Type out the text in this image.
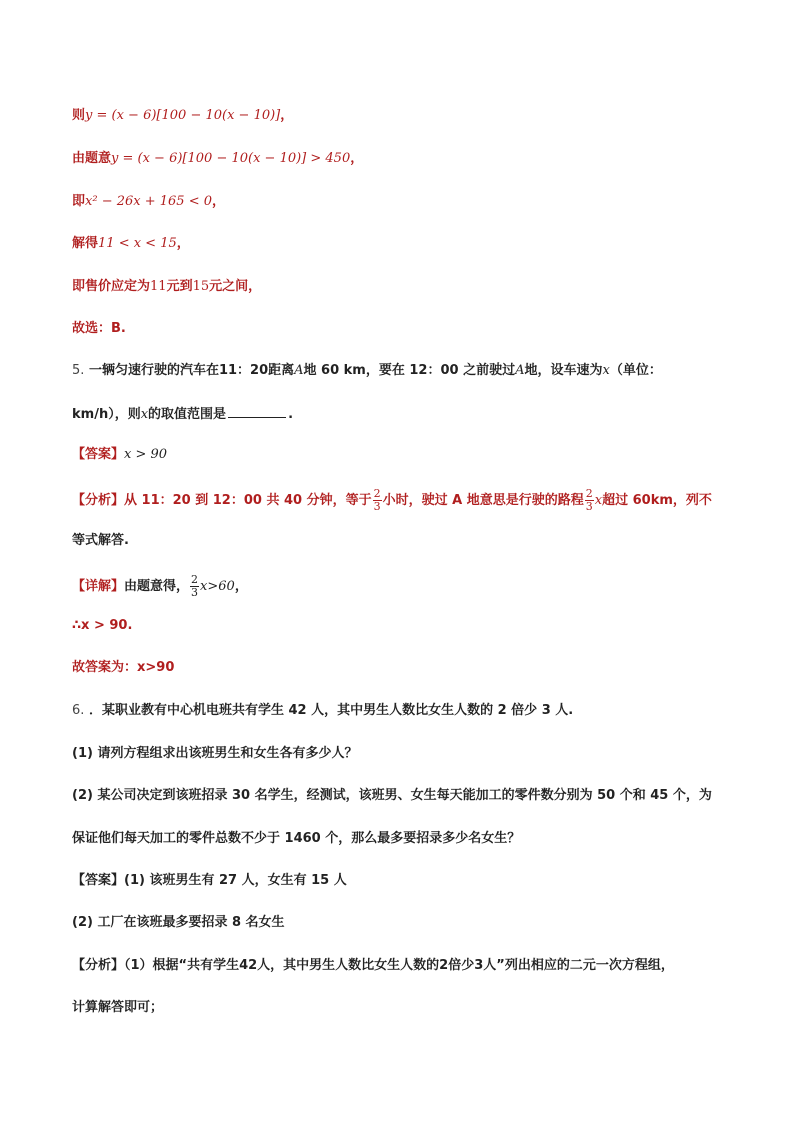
则y = (x − 6)[100 − 10(x − 10)]，
由题意y = (x − 6)[100 − 10(x − 10)] > 450，
即x² − 26x + 165 < 0，
解得11 < x < 15，
即售价应定为11元到15元之间，
故选：B.
5. 一辆匀速行驶的汽车在11：20距离A地 60 km，要在 12：00 之前驶过A地，设车速为x（单位：
km/h），则x的取值范围是	.
【答案】x > 90
【分析】从 11：20 到 12：00 共 40 分钟，等于 $\frac{2}{3}$ 小时，驶过 A 地意思是行驶的路程 $\frac{2}{3}$ x超过 60km，列不
等式解答.
【详解】由题意得， $\frac{2}{3} x>60$，
∴x > 90.
故答案为：x>90
6. ．某职业教有中心机电班共有学生 42 人，其中男生人数比女生人数的 2 倍少 3 人.
(1) 请列方程组求出该班男生和女生各有多少人？
(2) 某公司决定到该班招录 30 名学生，经测试，该班男、女生每天能加工的零件数分别为 50 个和 45 个，为
保证他们每天加工的零件总数不少于 1460 个，那么最多要招录多少名女生？
【答案】(1) 该班男生有 27 人，女生有 15 人
(2) 工厂在该班最多要招录 8 名女生
【分析】（1）根据“共有学生42人，其中男生人数比女生人数的2倍少3人”列出相应的二元一次方程组，
计算解答即可；
